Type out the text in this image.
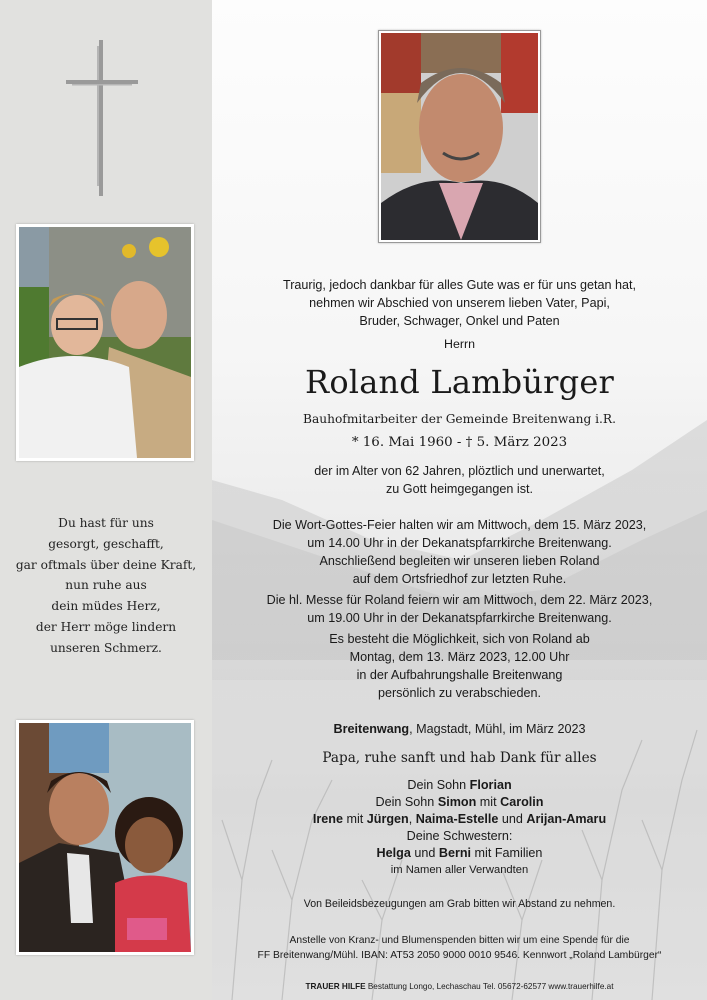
Du hast für uns
gesorgt, geschafft,
gar oftmals über deine Kraft,
nun ruhe aus
dein müdes Herz,
der Herr möge lindern
unseren Schmerz.
Traurig, jedoch dankbar für alles Gute was er für uns getan hat,
nehmen wir Abschied von unserem lieben Vater, Papi,
Bruder, Schwager, Onkel und Paten
Herrn
Roland Lambürger
Bauhofmitarbeiter der Gemeinde Breitenwang i.R.
* 16. Mai 1960 - † 5. März 2023
der im Alter von 62 Jahren, plöztlich und unerwartet,
zu Gott heimgegangen ist.
Die Wort-Gottes-Feier halten wir am Mittwoch, dem 15. März 2023,
um 14.00 Uhr in der Dekanatspfarrkirche Breitenwang.
Anschließend begleiten wir unseren lieben Roland
auf dem Ortsfriedhof zur letzten Ruhe.
Die hl. Messe für Roland feiern wir am Mittwoch, dem 22. März 2023,
um 19.00 Uhr in der Dekanatspfarrkirche Breitenwang.
Es besteht die Möglichkeit, sich von Roland ab
Montag, dem 13. März 2023, 12.00 Uhr
in der Aufbahrungshalle Breitenwang
persönlich zu verabschieden.
Breitenwang, Magstadt, Mühl, im März 2023
Papa, ruhe sanft und hab Dank für alles
Dein Sohn Florian
Dein Sohn Simon mit Carolin
Irene mit Jürgen, Naima-Estelle und Arijan-Amaru
Deine Schwestern:
Helga und Berni mit Familien
im Namen aller Verwandten
Von Beileidsbezeugungen am Grab bitten wir Abstand zu nehmen.
Anstelle von Kranz- und Blumenspenden bitten wir um eine Spende für die
FF Breitenwang/Mühl. IBAN: AT53 2050 9000 0010 9546. Kennwort „Roland Lambürger“
TRAUER HILFE Bestattung Longo, Lechaschau Tel. 05672-62577 www.trauerhilfe.at
